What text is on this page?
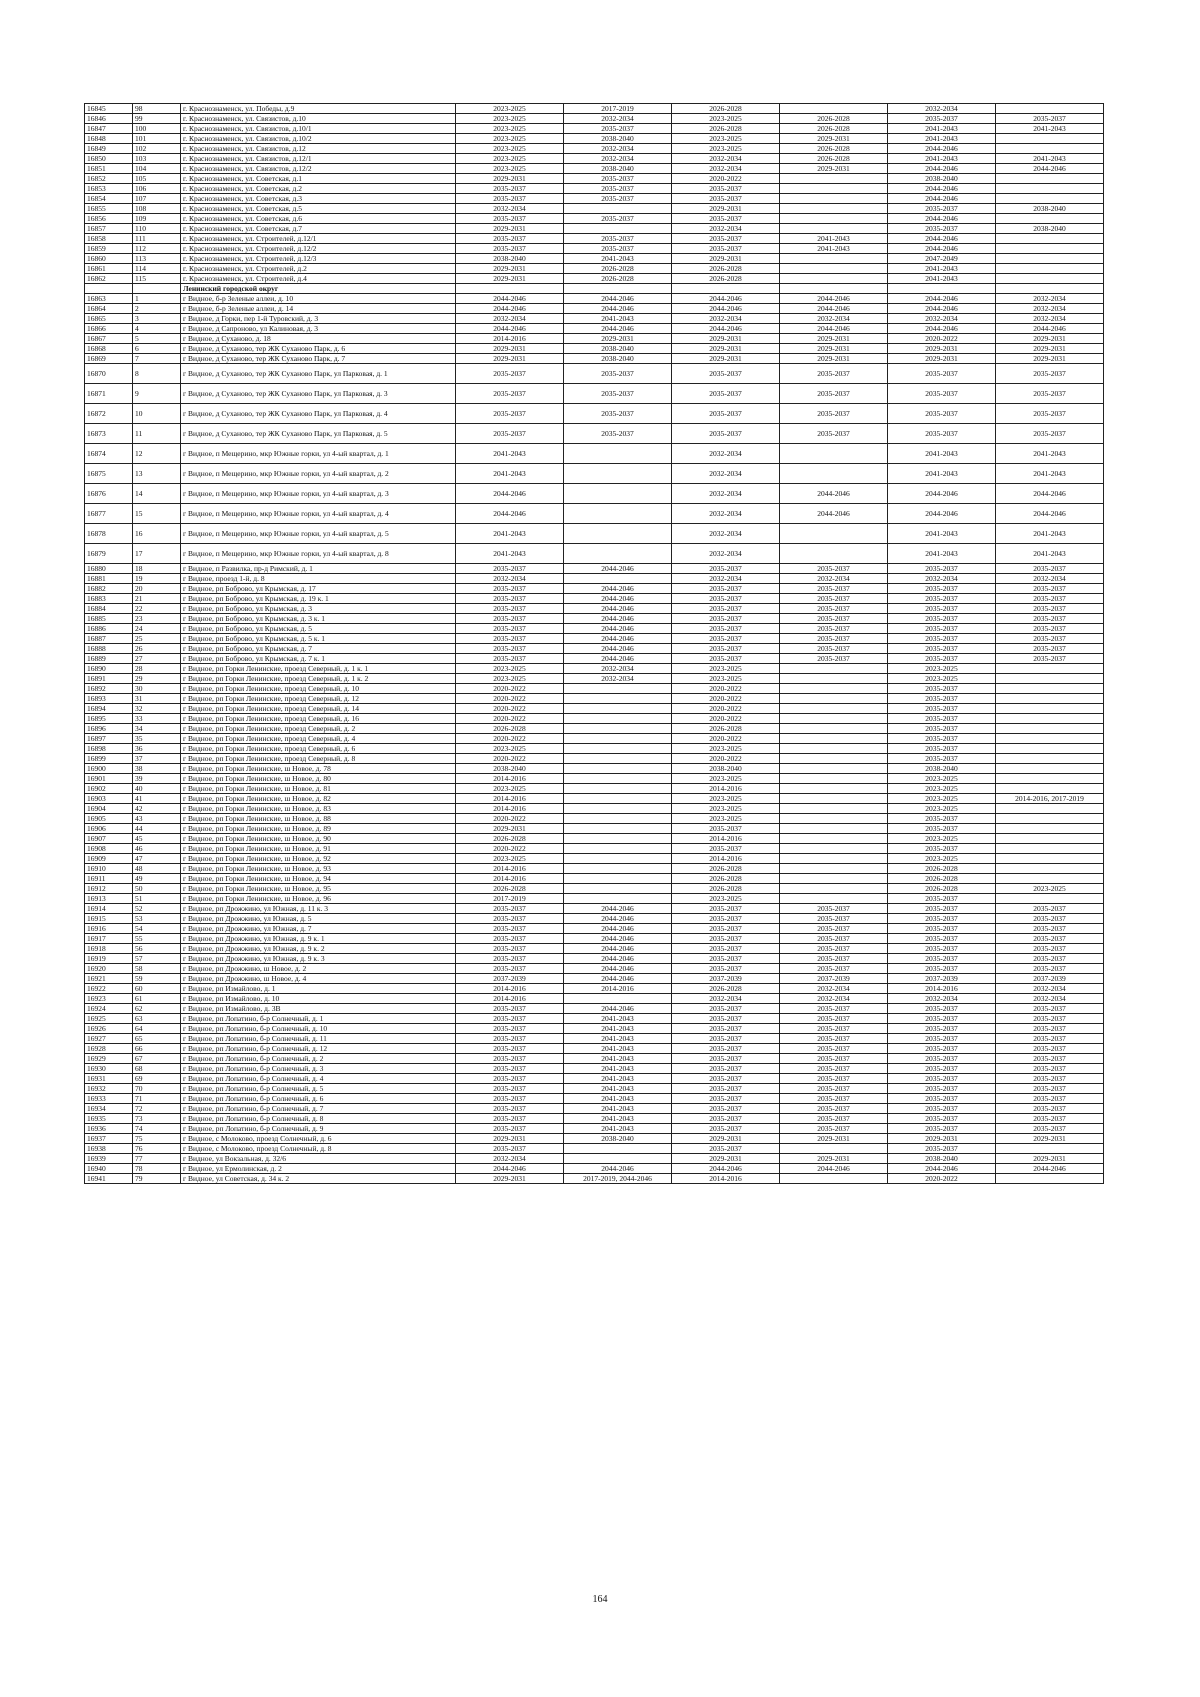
16845	98	г. Краснознаменск, ул. Победы, д.9	2023-2025	2017-2019	2026-2028		2032-2034	
16846	99	г. Краснознаменск, ул. Связистов, д.10	2023-2025	2032-2034	2023-2025	2026-2028	2035-2037	2035-2037
16847	100	г. Краснознаменск, ул. Связистов, д.10/1	2023-2025	2035-2037	2026-2028	2026-2028	2041-2043	2041-2043
16848	101	г. Краснознаменск, ул. Связистов, д.10/2	2023-2025	2038-2040	2023-2025	2029-2031	2041-2043	
16849	102	г. Краснознаменск, ул. Связистов, д.12	2023-2025	2032-2034	2023-2025	2026-2028	2044-2046	
16850	103	г. Краснознаменск, ул. Связистов, д.12/1	2023-2025	2032-2034	2032-2034	2026-2028	2041-2043	2041-2043
16851	104	г. Краснознаменск, ул. Связистов, д.12/2	2023-2025	2038-2040	2032-2034	2029-2031	2044-2046	2044-2046
16852	105	г. Краснознаменск, ул. Советская, д.1	2029-2031	2035-2037	2020-2022		2038-2040	
16853	106	г. Краснознаменск, ул. Советская, д.2	2035-2037	2035-2037	2035-2037		2044-2046	
16854	107	г. Краснознаменск, ул. Советская, д.3	2035-2037	2035-2037	2035-2037		2044-2046	
16855	108	г. Краснознаменск, ул. Советская, д.5	2032-2034		2029-2031		2035-2037	2038-2040
16856	109	г. Краснознаменск, ул. Советская, д.6	2035-2037	2035-2037	2035-2037		2044-2046	
16857	110	г. Краснознаменск, ул. Советская, д.7	2029-2031		2032-2034		2035-2037	2038-2040
16858	111	г. Краснознаменск, ул. Строителей, д.12/1	2035-2037	2035-2037	2035-2037	2041-2043	2044-2046	
16859	112	г. Краснознаменск, ул. Строителей, д.12/2	2035-2037	2035-2037	2035-2037	2041-2043	2044-2046	
16860	113	г. Краснознаменск, ул. Строителей, д.12/3	2038-2040	2041-2043	2029-2031		2047-2049	
16861	114	г. Краснознаменск, ул. Строителей, д.2	2029-2031	2026-2028	2026-2028		2041-2043	
16862	115	г. Краснознаменск, ул. Строителей, д.4	2029-2031	2026-2028	2026-2028		2041-2043	
		Ленинский городской округ						
16863	1	г Видное, б-р Зеленые аллеи, д. 10	2044-2046	2044-2046	2044-2046	2044-2046	2044-2046	2032-2034
16864	2	г Видное, б-р Зеленые аллеи, д. 14	2044-2046	2044-2046	2044-2046	2044-2046	2044-2046	2032-2034
16865	3	г Видное, д Горки, пер 1-й Туровский, д. 3	2032-2034	2041-2043	2032-2034	2032-2034	2032-2034	2032-2034
16866	4	г Видное, д Сапроново, ул Калиновая, д. 3	2044-2046	2044-2046	2044-2046	2044-2046	2044-2046	2044-2046
16867	5	г Видное, д Суханово, д. 18	2014-2016	2029-2031	2029-2031	2029-2031	2020-2022	2029-2031
16868	6	г Видное, д Суханово, тер ЖК Суханово Парк, д. 6	2029-2031	2038-2040	2029-2031	2029-2031	2029-2031	2029-2031
16869	7	г Видное, д Суханово, тер ЖК Суханово Парк, д. 7	2029-2031	2038-2040	2029-2031	2029-2031	2029-2031	2029-2031
16870	8	г Видное, д Суханово, тер ЖК Суханово Парк, ул Парковая, д. 1	2035-2037	2035-2037	2035-2037	2035-2037	2035-2037	2035-2037
16871	9	г Видное, д Суханово, тер ЖК Суханово Парк, ул Парковая, д. 3	2035-2037	2035-2037	2035-2037	2035-2037	2035-2037	2035-2037
16872	10	г Видное, д Суханово, тер ЖК Суханово Парк, ул Парковая, д. 4	2035-2037	2035-2037	2035-2037	2035-2037	2035-2037	2035-2037
16873	11	г Видное, д Суханово, тер ЖК Суханово Парк, ул Парковая, д. 5	2035-2037	2035-2037	2035-2037	2035-2037	2035-2037	2035-2037
16874	12	г Видное, п Мещерино, мкр Южные горки, ул 4-ый квартал, д. 1	2041-2043		2032-2034		2041-2043	2041-2043
16875	13	г Видное, п Мещерино, мкр Южные горки, ул 4-ый квартал, д. 2	2041-2043		2032-2034		2041-2043	2041-2043
16876	14	г Видное, п Мещерино, мкр Южные горки, ул 4-ый квартал, д. 3	2044-2046		2032-2034	2044-2046	2044-2046	2044-2046
16877	15	г Видное, п Мещерино, мкр Южные горки, ул 4-ый квартал, д. 4	2044-2046		2032-2034	2044-2046	2044-2046	2044-2046
16878	16	г Видное, п Мещерино, мкр Южные горки, ул 4-ый квартал, д. 5	2041-2043		2032-2034		2041-2043	2041-2043
16879	17	г Видное, п Мещерино, мкр Южные горки, ул 4-ый квартал, д. 8	2041-2043		2032-2034		2041-2043	2041-2043
16880	18	г Видное, п Развилка, пр-д Римский, д. 1	2035-2037	2044-2046	2035-2037	2035-2037	2035-2037	2035-2037
16881	19	г Видное, проезд 1-й, д. 8	2032-2034		2032-2034	2032-2034	2032-2034	2032-2034
16882	20	г Видное, рп Боброво, ул Крымская, д. 17	2035-2037	2044-2046	2035-2037	2035-2037	2035-2037	2035-2037
16883	21	г Видное, рп Боброво, ул Крымская, д. 19 к. 1	2035-2037	2044-2046	2035-2037	2035-2037	2035-2037	2035-2037
16884	22	г Видное, рп Боброво, ул Крымская, д. 3	2035-2037	2044-2046	2035-2037	2035-2037	2035-2037	2035-2037
16885	23	г Видное, рп Боброво, ул Крымская, д. 3 к. 1	2035-2037	2044-2046	2035-2037	2035-2037	2035-2037	2035-2037
16886	24	г Видное, рп Боброво, ул Крымская, д. 5	2035-2037	2044-2046	2035-2037	2035-2037	2035-2037	2035-2037
16887	25	г Видное, рп Боброво, ул Крымская, д. 5 к. 1	2035-2037	2044-2046	2035-2037	2035-2037	2035-2037	2035-2037
16888	26	г Видное, рп Боброво, ул Крымская, д. 7	2035-2037	2044-2046	2035-2037	2035-2037	2035-2037	2035-2037
16889	27	г Видное, рп Боброво, ул Крымская, д. 7 к. 1	2035-2037	2044-2046	2035-2037	2035-2037	2035-2037	2035-2037
16890	28	г Видное, рп Горки Ленинские, проезд Северный, д. 1 к. 1	2023-2025	2032-2034	2023-2025		2023-2025	
16891	29	г Видное, рп Горки Ленинские, проезд Северный, д. 1 к. 2	2023-2025	2032-2034	2023-2025		2023-2025	
16892	30	г Видное, рп Горки Ленинские, проезд Северный, д. 10	2020-2022		2020-2022		2035-2037	
16893	31	г Видное, рп Горки Ленинские, проезд Северный, д. 12	2020-2022		2020-2022		2035-2037	
16894	32	г Видное, рп Горки Ленинские, проезд Северный, д. 14	2020-2022		2020-2022		2035-2037	
16895	33	г Видное, рп Горки Ленинские, проезд Северный, д. 16	2020-2022		2020-2022		2035-2037	
16896	34	г Видное, рп Горки Ленинские, проезд Северный, д. 2	2026-2028		2026-2028		2035-2037	
16897	35	г Видное, рп Горки Ленинские, проезд Северный, д. 4	2020-2022		2020-2022		2035-2037	
16898	36	г Видное, рп Горки Ленинские, проезд Северный, д. 6	2023-2025		2023-2025		2035-2037	
16899	37	г Видное, рп Горки Ленинские, проезд Северный, д. 8	2020-2022		2020-2022		2035-2037	
16900	38	г Видное, рп Горки Ленинские, ш Новое, д. 78	2038-2040		2038-2040		2038-2040	
16901	39	г Видное, рп Горки Ленинские, ш Новое, д. 80	2014-2016		2023-2025		2023-2025	
16902	40	г Видное, рп Горки Ленинские, ш Новое, д. 81	2023-2025		2014-2016		2023-2025	
16903	41	г Видное, рп Горки Ленинские, ш Новое, д. 82	2014-2016		2023-2025		2023-2025	2014-2016, 2017-2019
16904	42	г Видное, рп Горки Ленинские, ш Новое, д. 83	2014-2016		2023-2025		2023-2025	
16905	43	г Видное, рп Горки Ленинские, ш Новое, д. 88	2020-2022		2023-2025		2035-2037	
16906	44	г Видное, рп Горки Ленинские, ш Новое, д. 89	2029-2031		2035-2037		2035-2037	
16907	45	г Видное, рп Горки Ленинские, ш Новое, д. 90	2026-2028		2014-2016		2023-2025	
16908	46	г Видное, рп Горки Ленинские, ш Новое, д. 91	2020-2022		2035-2037		2035-2037	
16909	47	г Видное, рп Горки Ленинские, ш Новое, д. 92	2023-2025		2014-2016		2023-2025	
16910	48	г Видное, рп Горки Ленинские, ш Новое, д. 93	2014-2016		2026-2028		2026-2028	
16911	49	г Видное, рп Горки Ленинские, ш Новое, д. 94	2014-2016		2026-2028		2026-2028	
16912	50	г Видное, рп Горки Ленинские, ш Новое, д. 95	2026-2028		2026-2028		2026-2028	2023-2025
16913	51	г Видное, рп Горки Ленинские, ш Новое, д. 96	2017-2019		2023-2025		2035-2037	
16914	52	г Видное, рп Дрожжино, ул Южная, д. 11 к. 3	2035-2037	2044-2046	2035-2037	2035-2037	2035-2037	2035-2037
16915	53	г Видное, рп Дрожжино, ул Южная, д. 5	2035-2037	2044-2046	2035-2037	2035-2037	2035-2037	2035-2037
16916	54	г Видное, рп Дрожжино, ул Южная, д. 7	2035-2037	2044-2046	2035-2037	2035-2037	2035-2037	2035-2037
16917	55	г Видное, рп Дрожжино, ул Южная, д. 9 к. 1	2035-2037	2044-2046	2035-2037	2035-2037	2035-2037	2035-2037
16918	56	г Видное, рп Дрожжино, ул Южная, д. 9 к. 2	2035-2037	2044-2046	2035-2037	2035-2037	2035-2037	2035-2037
16919	57	г Видное, рп Дрожжино, ул Южная, д. 9 к. 3	2035-2037	2044-2046	2035-2037	2035-2037	2035-2037	2035-2037
16920	58	г Видное, рп Дрожжино, ш Новое, д. 2	2035-2037	2044-2046	2035-2037	2035-2037	2035-2037	2035-2037
16921	59	г Видное, рп Дрожжино, ш Новое, д. 4	2037-2039	2044-2046	2037-2039	2037-2039	2037-2039	2037-2039
16922	60	г Видное, рп Измайлово, д. 1	2014-2016	2014-2016	2026-2028	2032-2034	2014-2016	2032-2034
16923	61	г Видное, рп Измайлово, д. 10	2014-2016		2032-2034	2032-2034	2032-2034	2032-2034
16924	62	г Видное, рп Измайлово, д. 3В	2035-2037	2044-2046	2035-2037	2035-2037	2035-2037	2035-2037
16925	63	г Видное, рп Лопатино, б-р Солнечный, д. 1	2035-2037	2041-2043	2035-2037	2035-2037	2035-2037	2035-2037
16926	64	г Видное, рп Лопатино, б-р Солнечный, д. 10	2035-2037	2041-2043	2035-2037	2035-2037	2035-2037	2035-2037
16927	65	г Видное, рп Лопатино, б-р Солнечный, д. 11	2035-2037	2041-2043	2035-2037	2035-2037	2035-2037	2035-2037
16928	66	г Видное, рп Лопатино, б-р Солнечный, д. 12	2035-2037	2041-2043	2035-2037	2035-2037	2035-2037	2035-2037
16929	67	г Видное, рп Лопатино, б-р Солнечный, д. 2	2035-2037	2041-2043	2035-2037	2035-2037	2035-2037	2035-2037
16930	68	г Видное, рп Лопатино, б-р Солнечный, д. 3	2035-2037	2041-2043	2035-2037	2035-2037	2035-2037	2035-2037
16931	69	г Видное, рп Лопатино, б-р Солнечный, д. 4	2035-2037	2041-2043	2035-2037	2035-2037	2035-2037	2035-2037
16932	70	г Видное, рп Лопатино, б-р Солнечный, д. 5	2035-2037	2041-2043	2035-2037	2035-2037	2035-2037	2035-2037
16933	71	г Видное, рп Лопатино, б-р Солнечный, д. 6	2035-2037	2041-2043	2035-2037	2035-2037	2035-2037	2035-2037
16934	72	г Видное, рп Лопатино, б-р Солнечный, д. 7	2035-2037	2041-2043	2035-2037	2035-2037	2035-2037	2035-2037
16935	73	г Видное, рп Лопатино, б-р Солнечный, д. 8	2035-2037	2041-2043	2035-2037	2035-2037	2035-2037	2035-2037
16936	74	г Видное, рп Лопатино, б-р Солнечный, д. 9	2035-2037	2041-2043	2035-2037	2035-2037	2035-2037	2035-2037
16937	75	г Видное, с Молоково, проезд Солнечный, д. 6	2029-2031	2038-2040	2029-2031	2029-2031	2029-2031	2029-2031
16938	76	г Видное, с Молоково, проезд Солнечный, д. 8	2035-2037		2035-2037		2035-2037	
16939	77	г Видное, ул Вокзальная, д. 32/6	2032-2034		2029-2031	2029-2031	2038-2040	2029-2031
16940	78	г Видное, ул Ермолинская, д. 2	2044-2046	2044-2046	2044-2046	2044-2046	2044-2046	2044-2046
16941	79	г Видное, ул Советская, д. 34 к. 2	2029-2031	2017-2019, 2044-2046	2014-2016		2020-2022	
164
